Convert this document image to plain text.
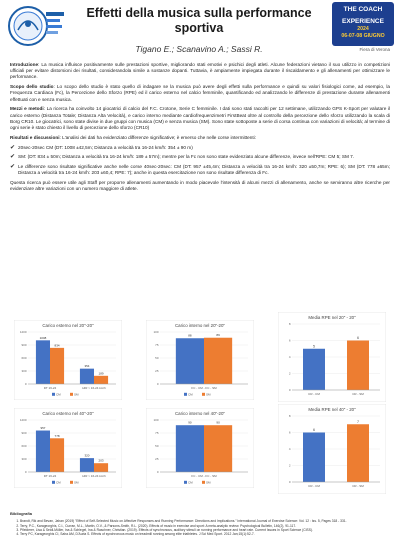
Effetti della musica sulla performance sportiva
Tigano E.; Scanavino A.; Sassi R.
THE COACH
EXPERIENCE
2024
06-07-08 GIUGNO
Fiera di Verona

Introduzione: La musica influisce positivamente sulle prestazioni sportive, migliorando stati emotivi e psichici degli atleti. Alcune federazioni vietano il suo utilizzo in competizioni ufficiali per evitare distorsioni dei risultati, considerandola simile a sostanze dopanti. Tuttavia, è ampiamente impiegata durante il riscaldamento e gli allenamenti per ottimizzare le performance.

Scopo dello studio: Lo scopo dello studio è stato quello di indagare se la musica può avere degli effetti sulla performance e quindi su valori fisiologici come, ad esempio, la Frequenza Cardiaca (Fc), la Percezione dello Sforzo (RPE) ed il carico esterno nel calcio femminile, quantificando ed analizzando le differenze di prestazione durante allenamenti effettuati con e senza musica.

Mezzi e metodi: La ricerca ha coinvolto 14 giocatrici di calcio del F.C. Crotone, Serie C femminile. I dati sono stati raccolti per 12 settimane, utilizzando GPS K-Sport per valutare il carico esterno (Distanza Totale; Distanza Alta Velocità), e carico interno mediante cardiofrequenzimetri FirstBeat oltre al controllo della percezione dello sforzo utilizzando la scala di Borg CR10. Le giocatrici, sono state divise in due gruppi con musica (CM) e senza musica (SM). Sono state sottoposte a serie di corsa continua con variazioni di velocità; al termine di ogni serie è stato chiesto il livello di percezione dello sforzo (CR10)

Risultati e discussioni: L'analisi dei dati ha evidenziato differenze significative; è emerso che nelle corse intermittenti:

✔ 20sec-20sec CM (DT: 1008 ±42,5m; Distanza a velocità tra 16-24 km/h: 354 ± 90 m)
✔ SM: (DT: 834 ± 50m; Distanza a velocità tra 16-24 km/h: 189 ± 57m); mentre per la Fc non sono state evidenziato alcune differenze, invece nell'RPE: CM 5; SM 7.
✔ Le differenze sono risultate significative anche nelle corse 40sec-20sec: CM (DT: 957 ±45,4m; Distanza a velocità tra 16-24 km/h: 320 ±50,7m; RPE: 6); SM (DT: 778 ±65m; Distanza a velocità tra 16-24 km/h: 203 ±60,4; RPE: 7); anche in questa esercitazione non sono risultate differenza di Fc.

Questa ricerca può essere utile agli Staff per proporre allenamenti aumentando in modo piacevole l'intensità di alcuni mezzi di allenamento, anche se serviranno altre ricerche per evidenziare altre variazioni con un numero maggiore di atlete.

Carico esterno nel 20"-20"
0
300
600
900
1200
1008
834
DT 16-24
354
189
HIR > 16-24 km/h
CM	SM
Carico interno nel 20"-20"
0
25
50
75
100
88	89
FC - CM - FC - SM
CM	SM
Media RPE nel 20" - 20"
0
2
4
6
8
5
CR - CM
6
CR - SM
Carico esterno nel 40"-20"
0
300
600
900
1200
957
778
DT 16-24
320
203
HIR > 16-24 km/h
CM	SM
Carico interno nel 40"-20"
0
25
50
75
100
90	90
FC - CM - FC - SM
CM	SM
Media RPE nel 40" - 20"
0
2
4
6
8
6
CR - CM
7
CR - SM
Bibliografia
1. Brandt, Rik and Bevan, Jahan (2019) "Effect of Self-Selected Music on Affective Responses and Running Performance: Directions and Implications." International Journal of Exercise Science: Vol. 12 : Iss. 5, Pages 318 - 331.
2. Terry, P.C., Karageorghis, C.I., Curran, M.L., Martin, O.V., & Parsons-Smith, R.L. (2020). Effects of music in exercise and sport: A meta-analytic review. Psychological Bulletin, 146(2), 91-117.
3. Pfleiderer, Lisa & Seidl-Müller, Ina & Schlegel, Ina & Raschner, Christian. (2019). Effects of synchronous, auditory stimuli on running performance and heart rate. Current Issues in Sport Science (CISS).
4. Terry PC, Karageorghis CI, Saha AM, D'Auria S. Effects of synchronous music on treadmill running among elite triathletes. J Sci Med Sport. 2012 Jan;15(1):52-7.
